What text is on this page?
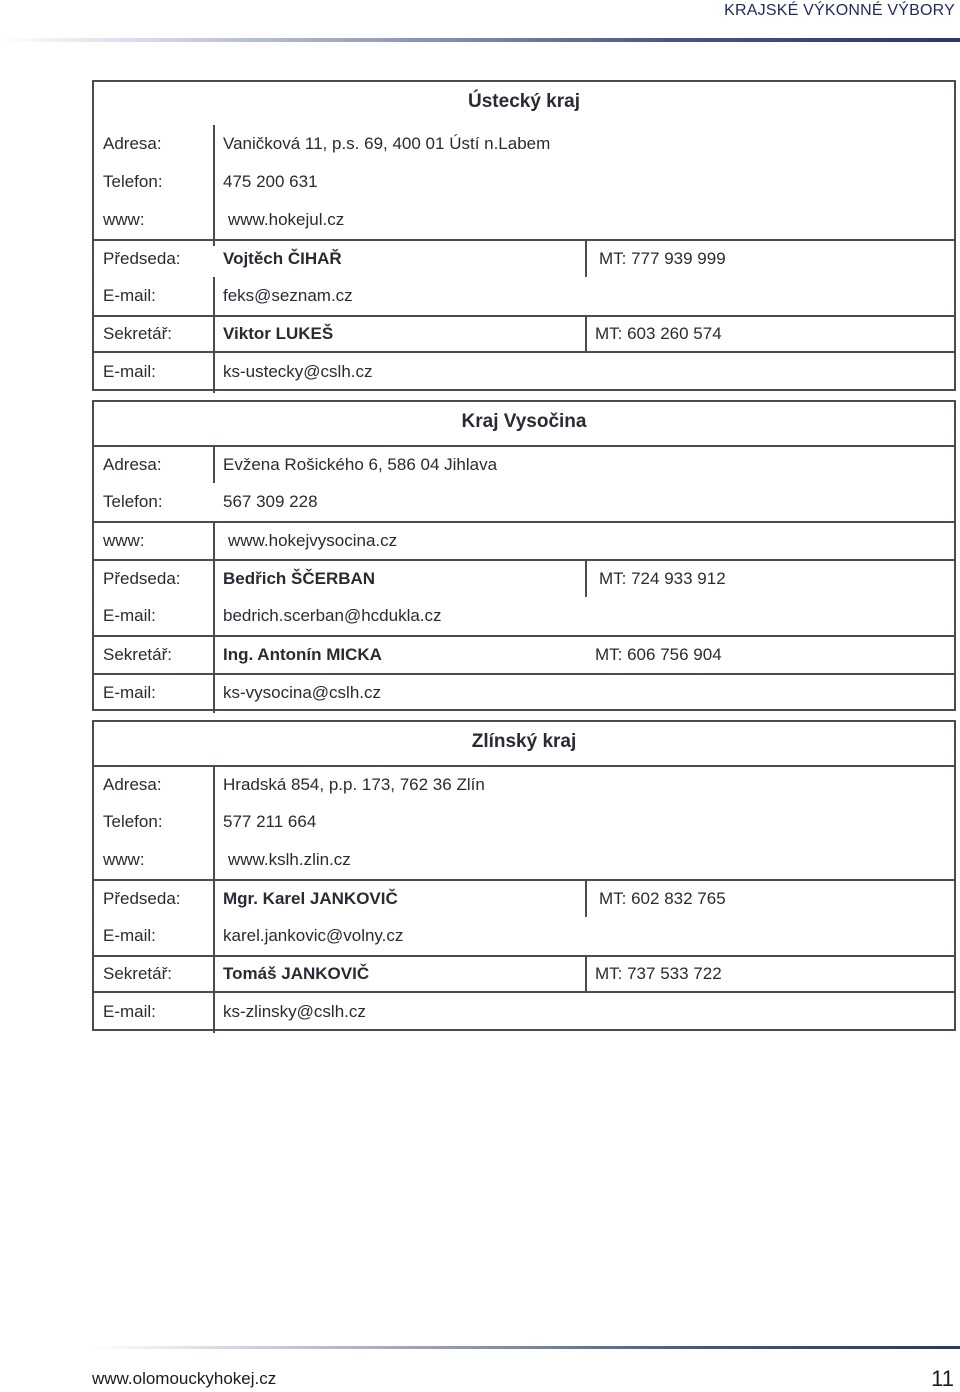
KRAJSKÉ VÝKONNÉ VÝBORY
Ústecký kraj
Adresa:	Vaničková 11, p.s. 69, 400 01 Ústí n.Labem
Telefon:	475 200 631
www:	www.hokejul.cz
Předseda:	Vojtěch ČIHAŘ	MT: 777 939 999
E-mail:	feks@seznam.cz
Sekretář:	Viktor LUKEŠ	MT: 603 260 574
E-mail:	ks-ustecky@cslh.cz
Kraj Vysočina
Adresa:	Evžena Rošického 6, 586 04 Jihlava
Telefon:	567 309 228
www:	www.hokejvysocina.cz
Předseda:	Bedřich ŠČERBAN	MT: 724 933 912
E-mail:	bedrich.scerban@hcdukla.cz
Sekretář:	Ing. Antonín MICKA	MT: 606 756 904
E-mail:	ks-vysocina@cslh.cz
Zlínský kraj
Adresa:	Hradská 854, p.p. 173, 762 36 Zlín
Telefon:	577 211 664
www:	www.kslh.zlin.cz
Předseda:	Mgr. Karel JANKOVIČ	MT: 602 832 765
E-mail:	karel.jankovic@volny.cz
Sekretář:	Tomáš JANKOVIČ	MT: 737 533 722
E-mail:	ks-zlinsky@cslh.cz
www.olomouckyhokej.cz	11
